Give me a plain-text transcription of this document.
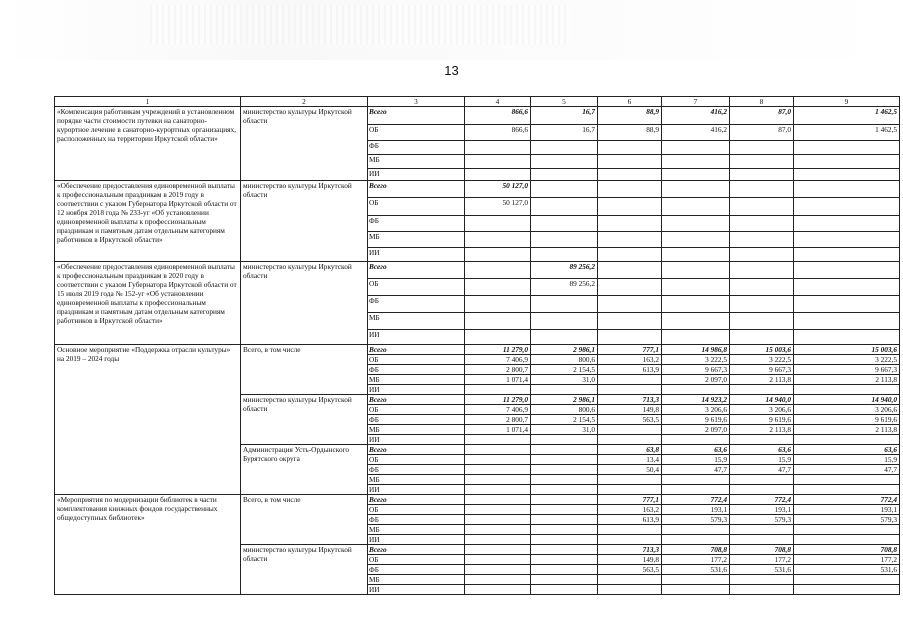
13
1	2	3	4	5	6	7	8	9
«Компенсация работникам учреждений в установленном порядке части стоимости путевки на санаторно-курортное лечение в санаторно-курортных организациях, расположенных на территории Иркутской области»	министерство культуры Иркутской области	Всего	866,6	16,7	88,9	416,2	87,0	1 462,5
		ОБ	866,6	16,7	88,9	416,2	87,0	1 462,5
		ФБ						
		МБ						
		ИИ						
«Обеспечение предоставления единовременной выплаты к профессиональным праздникам в 2019 году в соответствии с указом Губернатора Иркутской области от 12 ноября 2018 года № 233-уг «Об установлении единовременной выплаты к профессиональным праздникам и памятным датам отдельным категориям работников в Иркутской области»	министерство культуры Иркутской области	Всего	50 127,0					
		ОБ	50 127,0					
		ФБ						
		МБ						
		ИИ						
«Обеспечение предоставления единовременной выплаты к профессиональным праздникам в 2020 году в соответствии с указом Губернатора Иркутской области от 15 июля 2019 года № 152-уг «Об установлении единовременной выплаты к профессиональным праздникам и памятным датам отдельным категориям работников в Иркутской области»	министерство культуры Иркутской области	Всего		89 256,2				
		ОБ		89 256,2				
		ФБ						
		МБ						
		ИИ						
Основное мероприятие «Поддержка отрасли культуры» на 2019 – 2024 годы	Всего, в том числе	Всего	11 279,0	2 986,1	777,1	14 986,8	15 003,6	15 003,6
		ОБ	7 406,9	800,6	163,2	3 222,5	3 222,5	3 222,5
		ФБ	2 800,7	2 154,5	613,9	9 667,3	9 667,3	9 667,3
		МБ	1 071,4	31,0		2 097,0	2 113,8	2 113,8
		ИИ						
	министерство культуры Иркутской области	Всего	11 279,0	2 986,1	713,3	14 923,2	14 940,0	14 940,0
		ОБ	7 406,9	800,6	149,8	3 206,6	3 206,6	3 206,6
		ФБ	2 800,7	2 154,5	563,5	9 619,6	9 619,6	9 619,6
		МБ	1 071,4	31,0		2 097,0	2 113,8	2 113,8
		ИИ						
	Администрация Усть-Ордынского Бурятского округа	Всего			63,8	63,6	63,6	63,6
		ОБ			13,4	15,9	15,9	15,9
		ФБ			50,4	47,7	47,7	47,7
		МБ						
		ИИ						
«Мероприятия по модернизации библиотек в части комплектования книжных фондов государственных общедоступных библиотек»	Всего, в том числе	Всего			777,1	772,4	772,4	772,4
		ОБ			163,2	193,1	193,1	193,1
		ФБ			613,9	579,3	579,3	579,3
		МБ						
		ИИ						
	министерство культуры Иркутской области	Всего			713,3	708,8	708,8	708,8
		ОБ			149,8	177,2	177,2	177,2
		ФБ			563,5	531,6	531,6	531,6
		МБ						
		ИИ						
